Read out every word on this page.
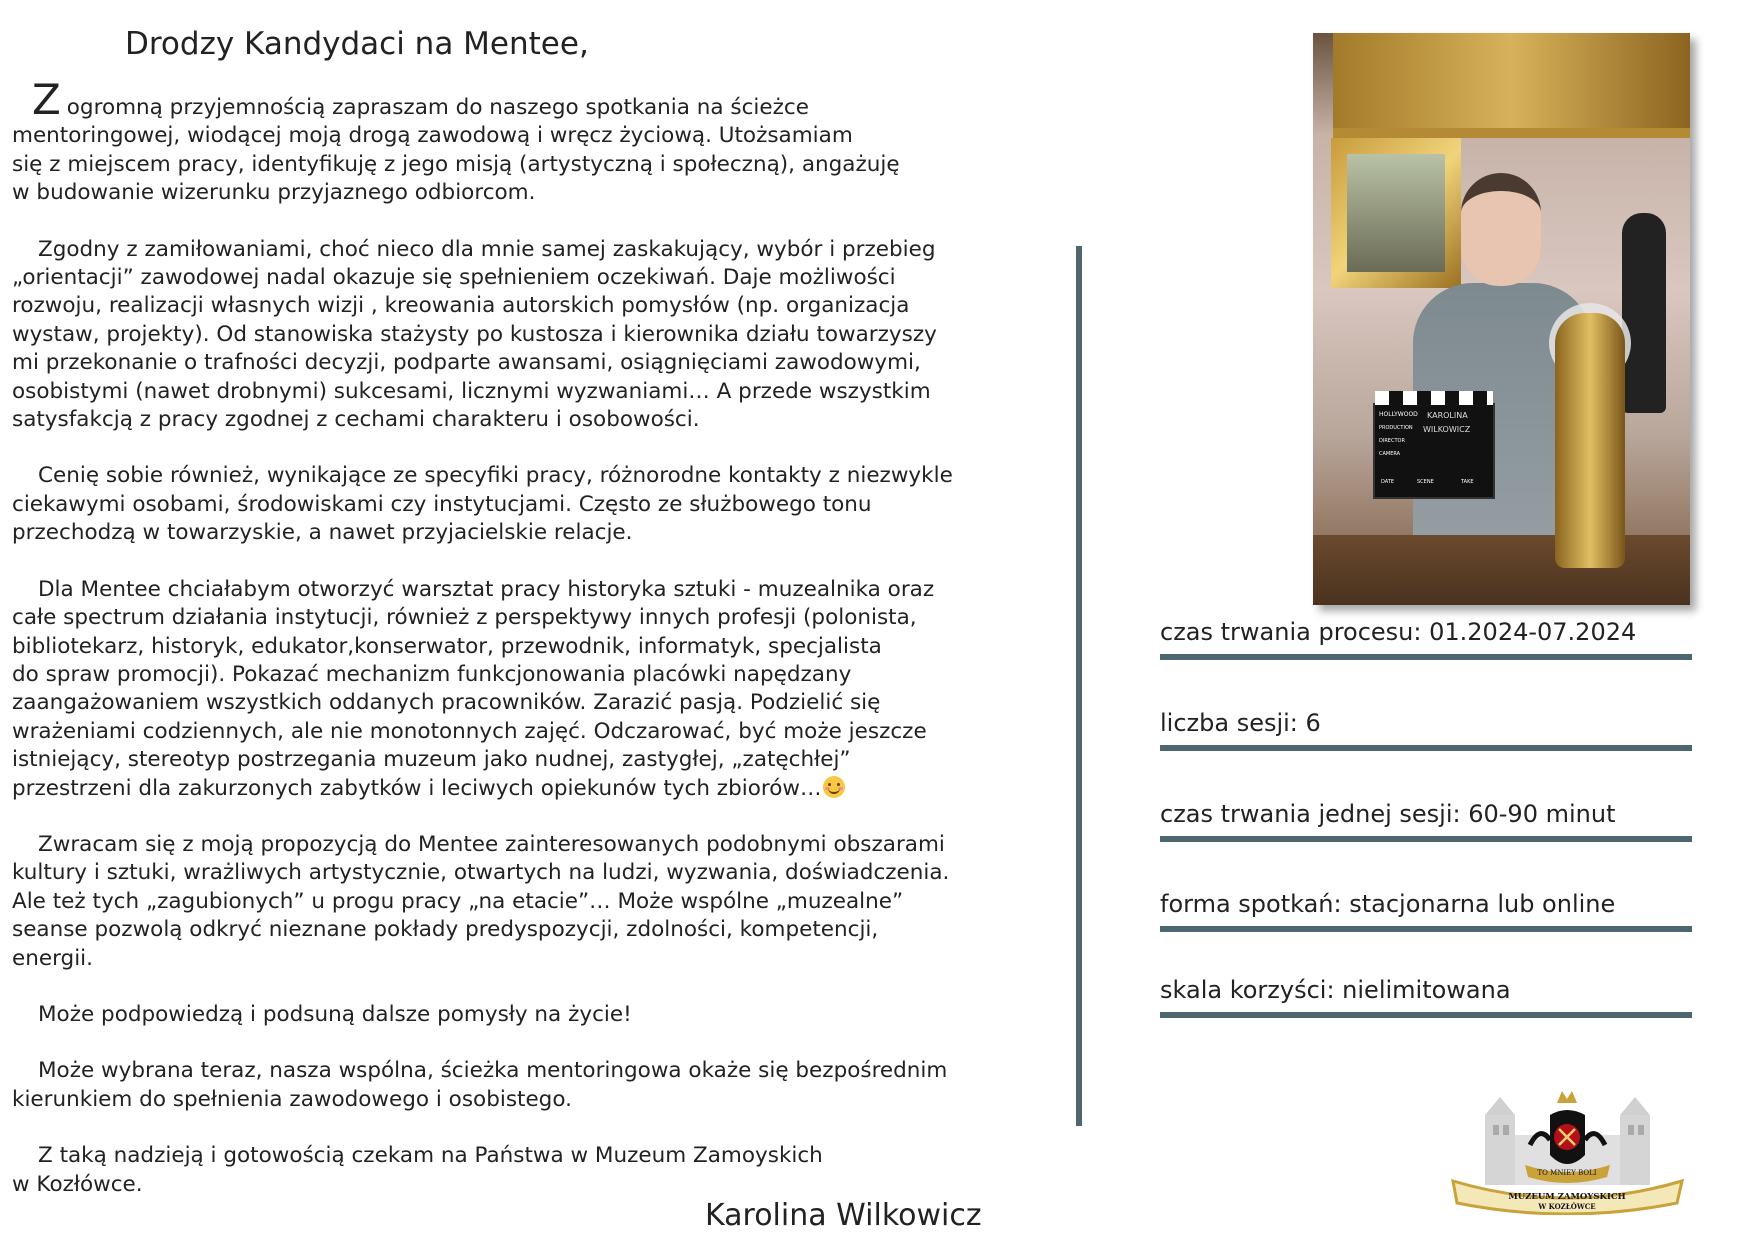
Drodzy Kandydaci na Mentee,

Zogromną przyjemnością zapraszam do naszego spotkania na ścieżce
mentoringowej, wiodącej moją drogą zawodową i wręcz życiową. Utożsamiam
się z miejscem pracy, identyfikuję z jego misją (artystyczną i społeczną), angażuję
w budowanie wizerunku przyjaznego odbiorcom.

Zgodny z zamiłowaniami, choć nieco dla mnie samej zaskakujący, wybór i przebieg
„orientacji” zawodowej nadal okazuje się spełnieniem oczekiwań. Daje możliwości
rozwoju, realizacji własnych wizji , kreowania autorskich pomysłów (np. organizacja
wystaw, projekty). Od stanowiska stażysty po kustosza i kierownika działu towarzyszy
mi przekonanie o trafności decyzji, podparte awansami, osiągnięciami zawodowymi,
osobistymi (nawet drobnymi) sukcesami, licznymi wyzwaniami… A przede wszystkim
satysfakcją z pracy zgodnej z cechami charakteru i osobowości.

Cenię sobie również, wynikające ze specyfiki pracy, różnorodne kontakty z niezwykle
ciekawymi osobami, środowiskami czy instytucjami. Często ze służbowego tonu
przechodzą w towarzyskie, a nawet przyjacielskie relacje.

Dla Mentee chciałabym otworzyć warsztat pracy historyka sztuki - muzealnika oraz
całe spectrum działania instytucji, również z perspektywy innych profesji (polonista,
bibliotekarz, historyk, edukator,konserwator, przewodnik, informatyk, specjalista
do spraw promocji). Pokazać mechanizm funkcjonowania placówki napędzany
zaangażowaniem wszystkich oddanych pracowników. Zarazić pasją. Podzielić się
wrażeniami codziennych, ale nie monotonnych zajęć. Odczarować, być może jeszcze
istniejący, stereotyp postrzegania muzeum jako nudnej, zastygłej, „zatęchłej”
przestrzeni dla zakurzonych zabytków i leciwych opiekunów tych zbiorów…

Zwracam się z moją propozycją do Mentee zainteresowanych podobnymi obszarami
kultury i sztuki, wrażliwych artystycznie, otwartych na ludzi, wyzwania, doświadczenia.
Ale też tych „zagubionych” u progu pracy „na etacie”… Może wspólne „muzealne”
seanse pozwolą odkryć nieznane pokłady predyspozycji, zdolności, kompetencji,
energii.

Może podpowiedzą i podsuną dalsze pomysły na życie!

Może wybrana teraz, nasza wspólna, ścieżka mentoringowa okaże się bezpośrednim
kierunkiem do spełnienia zawodowego i osobistego.

Z taką nadzieją i gotowością czekam na Państwa w Muzeum Zamoyskich
w Kozłówce.

Karolina Wilkowicz
HOLLYWOOD
PRODUCTION
DIRECTOR
CAMERA
KAROLINA
WILKOWICZ
DATE	SCENE	TAKE
czas trwania procesu: 01.2024-07.2024
liczba sesji: 6
czas trwania jednej sesji: 60-90 minut
forma spotkań: stacjonarna lub online
skala korzyści: nielimitowana
TO MNIEY BOLI
MUZEUM ZAMOYSKICH
W KOZŁÓWCE
